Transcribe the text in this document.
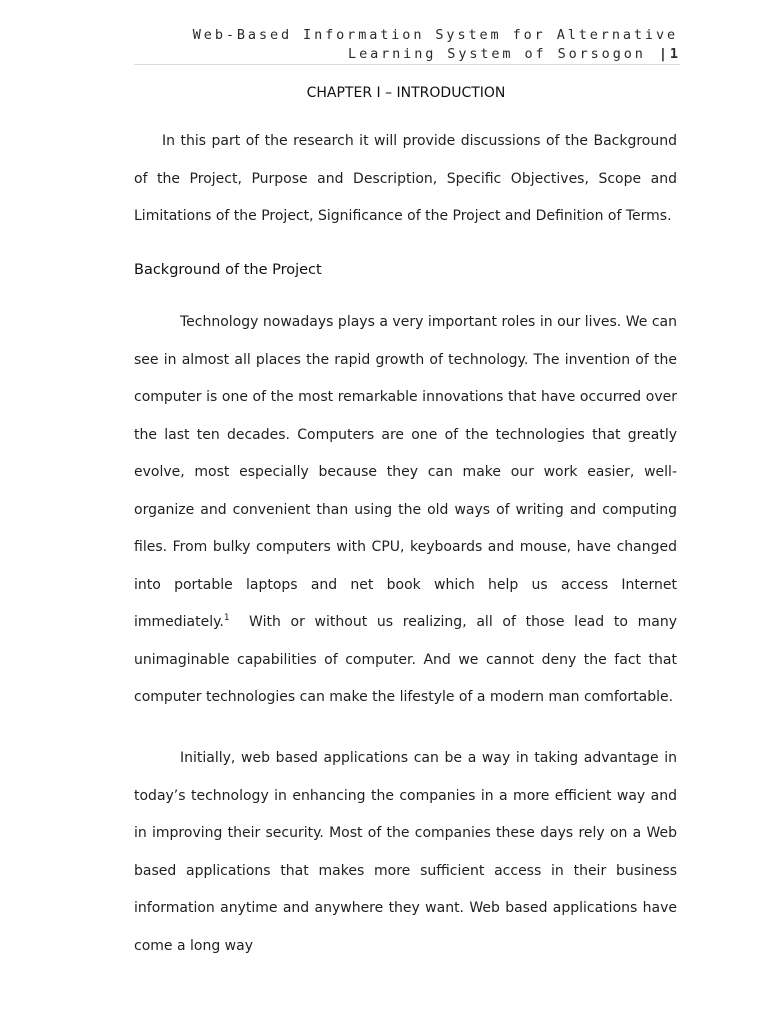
Web-Based Information System for Alternative
Learning System of Sorsogon |1
CHAPTER I – INTRODUCTION
In this part of the research it will provide discussions of the Background of the Project, Purpose and Description, Specific Objectives, Scope and Limitations of the Project, Significance of the Project and Definition of Terms.
Background of the Project
Technology nowadays plays a very important roles in our lives. We can see in almost all places the rapid growth of technology. The invention of the computer is one of the most remarkable innovations that have occurred over the last ten decades. Computers are one of the technologies that greatly evolve, most especially because they can make our work easier, well-organize and convenient than using the old ways of writing and computing files. From bulky computers with CPU, keyboards and mouse, have changed into portable laptops and net book which help us access Internet immediately.$^1$  With or without us realizing, all of those lead to many unimaginable capabilities of computer. And we cannot deny the fact that computer technologies can make the lifestyle of a modern man comfortable.
Initially, web based applications can be a way in taking advantage in today’s technology in enhancing the companies in a more efficient way and in improving their security. Most of the companies these days rely on a Web based applications that makes more sufficient access in their business information anytime and anywhere they want. Web based applications have come a long way
